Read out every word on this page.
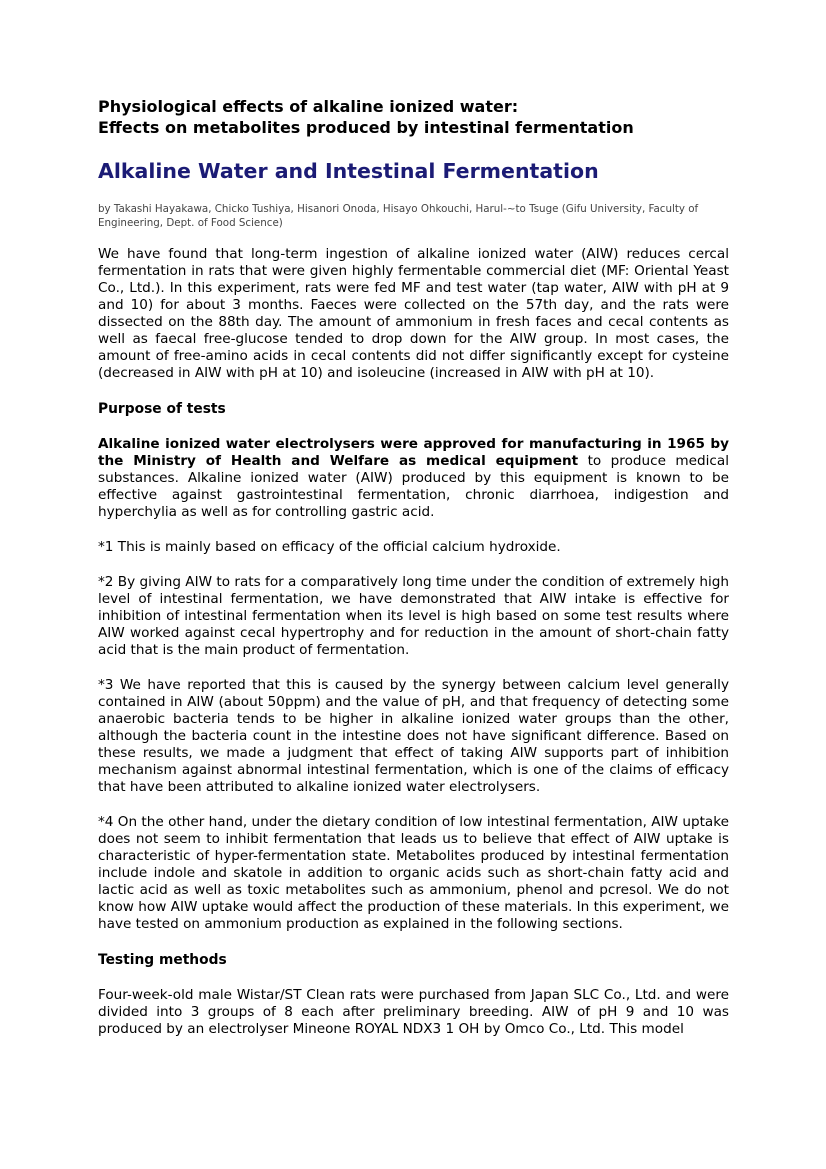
Physiological effects of alkaline ionized water:

Effects on metabolites produced by intestinal fermentation

Alkaline Water and Intestinal Fermentation
by Takashi Hayakawa, Chicko Tushiya, Hisanori Onoda, Hisayo Ohkouchi, Harul-~to Tsuge (Gifu University, Faculty of Engineering, Dept. of Food Science)

We have found that long-term ingestion of alkaline ionized water (AIW) reduces cercal fermentation in rats that were given highly fermentable commercial diet (MF: Oriental Yeast Co., Ltd.). In this experiment, rats were fed MF and test water (tap water, AIW with pH at 9 and 10) for about 3 months. Faeces were collected on the 57th day, and the rats were dissected on the 88th day. The amount of ammonium in fresh faces and cecal contents as well as faecal free-glucose tended to drop down for the AIW group. In most cases, the amount of free-amino acids in cecal contents did not differ significantly except for cysteine (decreased in AIW with pH at 10) and isoleucine (increased in AIW with pH at 10).

Purpose of tests

Alkaline ionized water electrolysers were approved for manufacturing in 1965 by the Ministry of Health and Welfare as medical equipment to produce medical substances. Alkaline ionized water (AIW) produced by this equipment is known to be effective against gastrointestinal fermentation, chronic diarrhoea, indigestion and hyperchylia as well as for controlling gastric acid.

*1 This is mainly based on efficacy of the official calcium hydroxide.

*2 By giving AIW to rats for a comparatively long time under the condition of extremely high level of intestinal fermentation, we have demonstrated that AIW intake is effective for inhibition of intestinal fermentation when its level is high based on some test results where AIW worked against cecal hypertrophy and for reduction in the amount of short-chain fatty acid that is the main product of fermentation.

*3 We have reported that this is caused by the synergy between calcium level generally contained in AIW (about 50ppm) and the value of pH, and that frequency of detecting some anaerobic bacteria tends to be higher in alkaline ionized water groups than the other, although the bacteria count in the intestine does not have significant difference. Based on these results, we made a judgment that effect of taking AIW supports part of inhibition mechanism against abnormal intestinal fermentation, which is one of the claims of efficacy that have been attributed to alkaline ionized water electrolysers.

*4 On the other hand, under the dietary condition of low intestinal fermentation, AIW uptake does not seem to inhibit fermentation that leads us to believe that effect of AIW uptake is characteristic of hyper-fermentation state. Metabolites produced by intestinal fermentation include indole and skatole in addition to organic acids such as short-chain fatty acid and lactic acid as well as toxic metabolites such as ammonium, phenol and pcresol. We do not know how AIW uptake would affect the production of these materials. In this experiment, we have tested on ammonium production as explained in the following sections.

Testing methods

Four-week-old male Wistar/ST Clean rats were purchased from Japan SLC Co., Ltd. and were divided into 3 groups of 8 each after preliminary breeding. AIW of pH 9 and 10 was produced by an electrolyser Mineone ROYAL NDX3 1 OH by Omco Co., Ltd. This model
